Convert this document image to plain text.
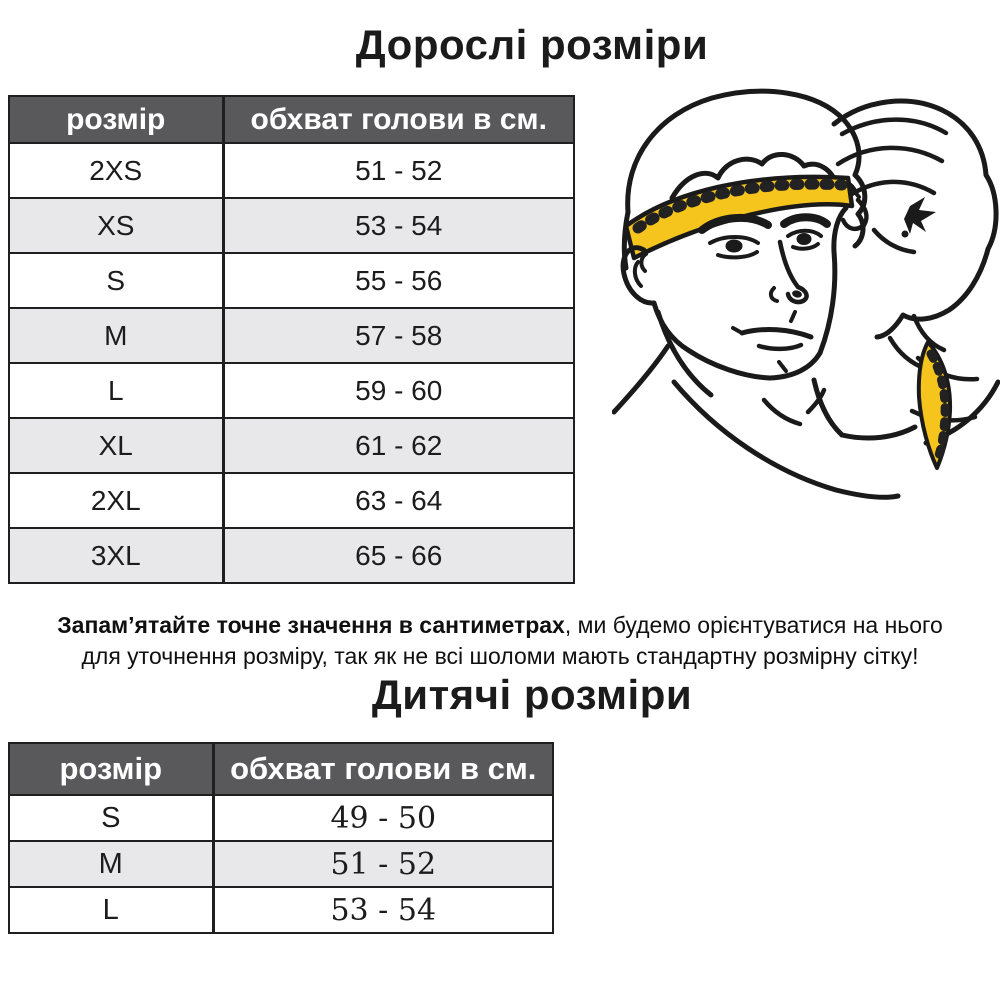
Дорослі розміри
розмір	обхват голови в см.
2XS	51 - 52
XS	53 - 54
S	55 - 56
M	57 - 58
L	59 - 60
XL	61 - 62
2XL	63 - 64
3XL	65 - 66

Запам’ятайте точне значення в сантиметрах, ми будемо орієнтуватися на нього
для уточнення розміру, так як не всі шоломи мають стандартну розмірну сітку!

Дитячі розміри
розмір	обхват голови в см.
S	49 - 50
M	51 - 52
L	53 - 54
